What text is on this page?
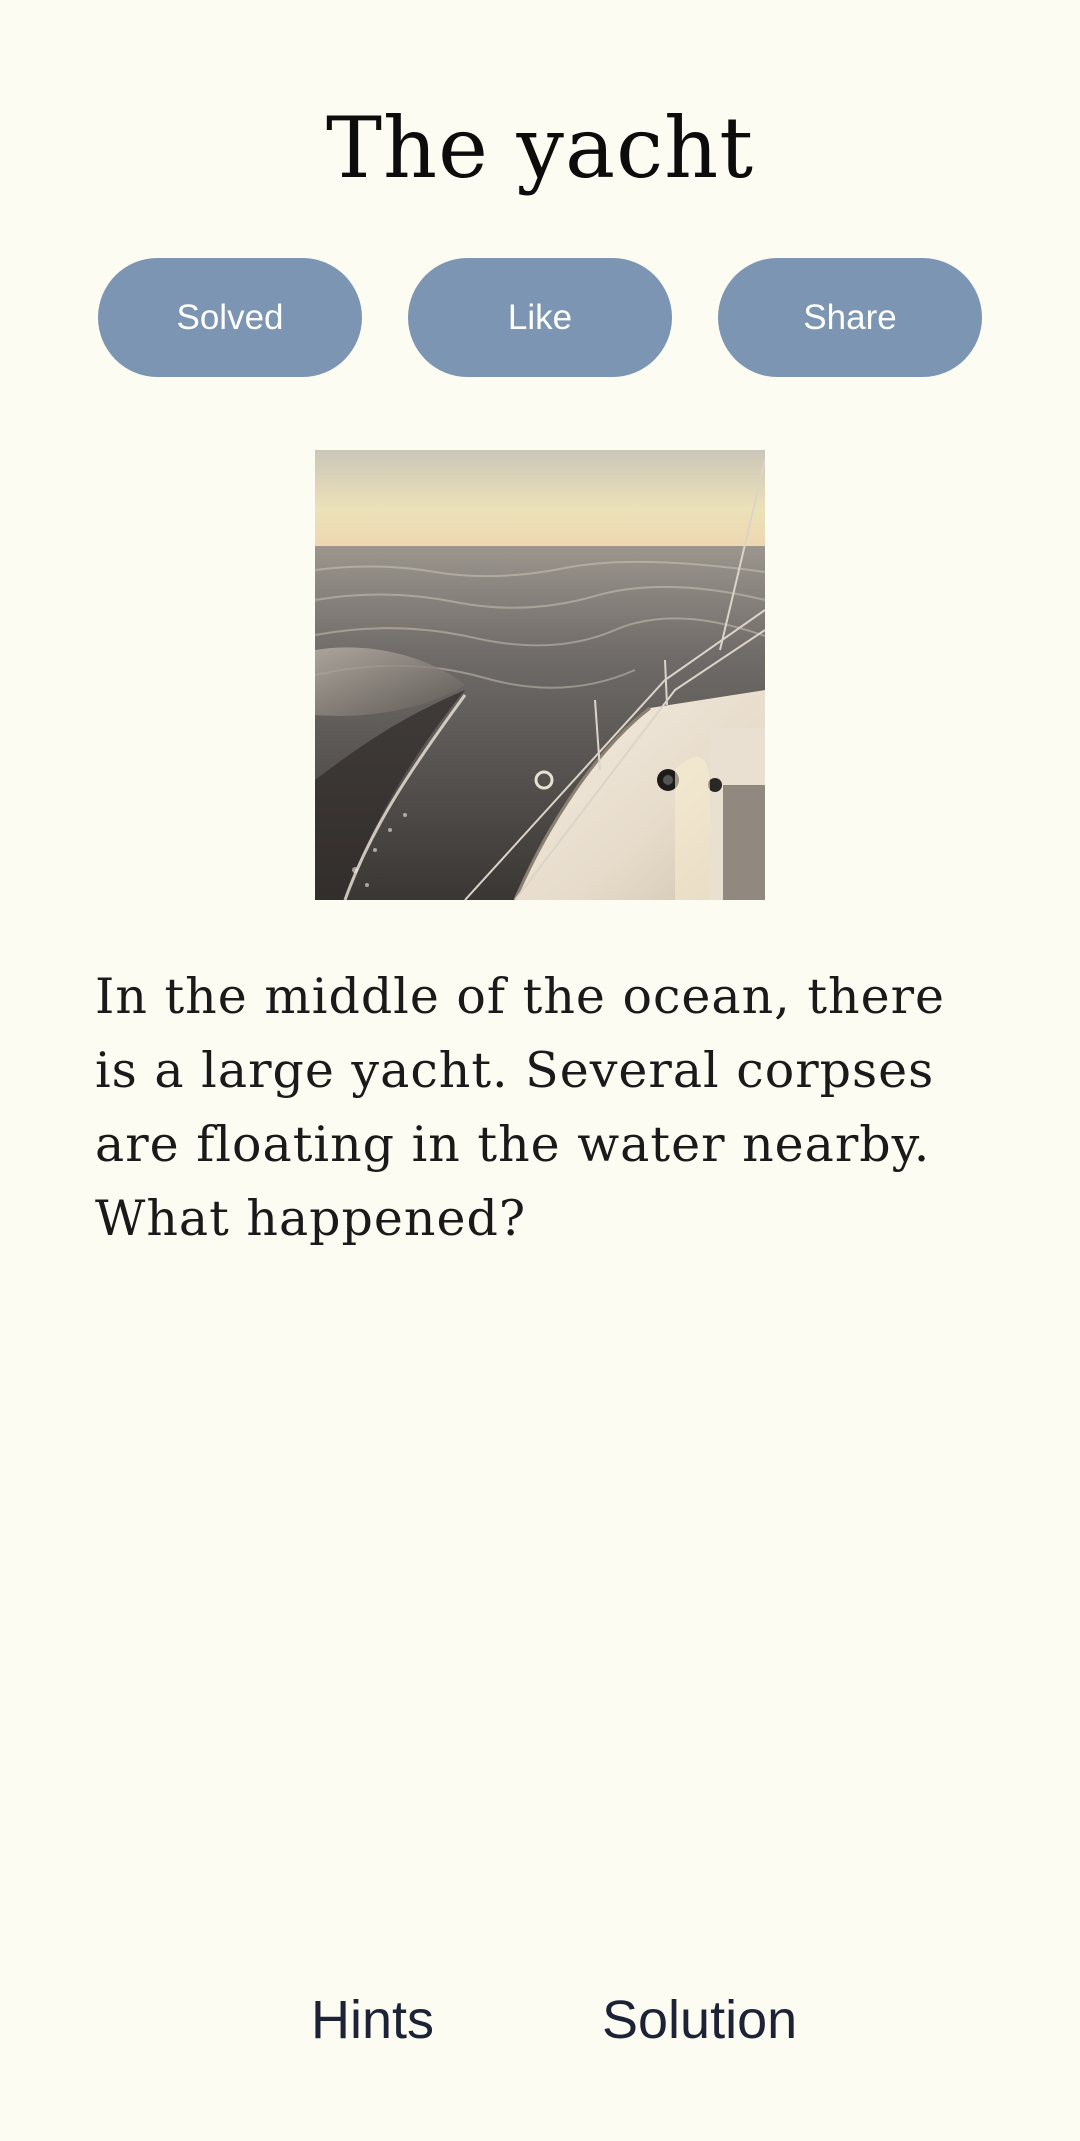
The yacht
Solved	Like	Share

In the middle of the ocean, there is a large yacht. Several corpses are floating in the water nearby. What happened?

Hints	Solution
